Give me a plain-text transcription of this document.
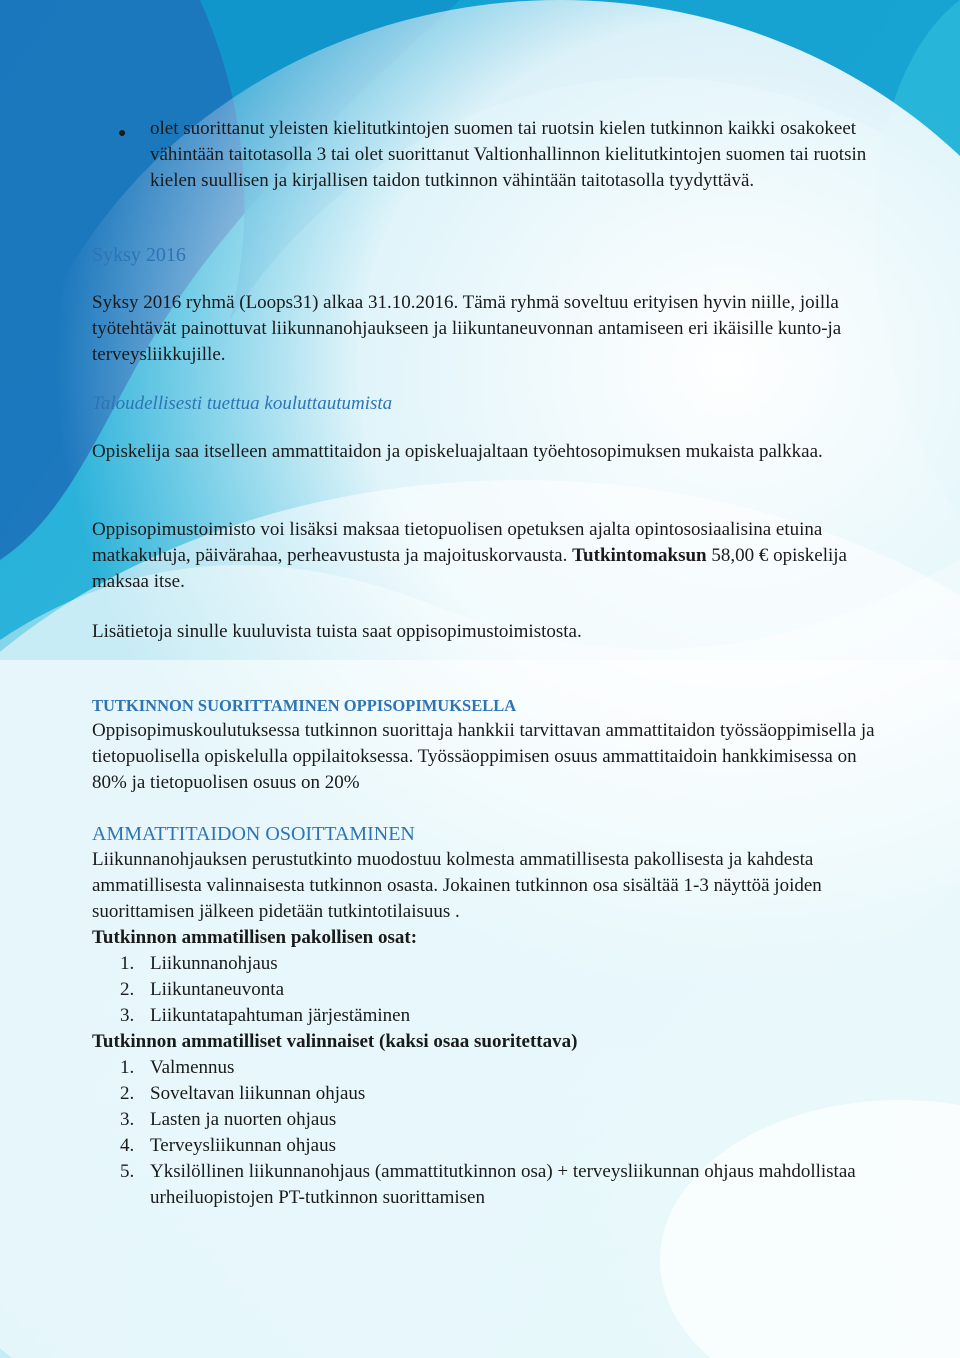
● olet suorittanut yleisten kielitutkintojen suomen tai ruotsin kielen tutkinnon kaikki osakokeet vähintään taitotasolla 3 tai olet suorittanut Valtionhallinnon kielitutkintojen suomen tai ruotsin kielen suullisen ja kirjallisen taidon tutkinnon vähintään taitotasolla tyydyttävä.

Syksy 2016

Syksy 2016 ryhmä (Loops31) alkaa 31.10.2016. Tämä ryhmä soveltuu erityisen hyvin niille, joilla työtehtävät painottuvat liikunnanohjaukseen ja liikuntaneuvonnan antamiseen eri ikäisille kunto-ja terveysliikkujille.

Taloudellisesti tuettua kouluttautumista

Opiskelija saa itselleen ammattitaidon ja opiskeluajaltaan työehtosopimuksen mukaista palkkaa.

Oppisopimustoimisto voi lisäksi maksaa tietopuolisen opetuksen ajalta opintososiaalisina etuina matkakuluja, päivärahaa, perheavustusta ja majoituskorvausta. Tutkintomaksun 58,00 € opiskelija maksaa itse.

Lisätietoja sinulle kuuluvista tuista saat oppisopimustoimistosta.

TUTKINNON SUORITTAMINEN OPPISOPIMUKSELLA

Oppisopimuskoulutuksessa tutkinnon suorittaja hankkii tarvittavan ammattitaidon työssäoppimisella ja tietopuolisella opiskelulla oppilaitoksessa. Työssäoppimisen osuus ammattitaidoin hankkimisessa on 80% ja tietopuolisen osuus on 20%

AMMATTITAIDON OSOITTAMINEN

Liikunnanohjauksen perustutkinto muodostuu kolmesta ammatillisesta pakollisesta ja kahdesta ammatillisesta valinnaisesta tutkinnon osasta. Jokainen tutkinnon osa sisältää 1-3 näyttöä joiden suorittamisen jälkeen pidetään tutkintotilaisuus .

Tutkinnon ammatillisen pakollisen osat:

1. Liikunnanohjaus
2. Liikuntaneuvonta
3. Liikuntatapahtuman järjestäminen

Tutkinnon ammatilliset valinnaiset (kaksi osaa suoritettava)

1. Valmennus
2. Soveltavan liikunnan ohjaus
3. Lasten ja nuorten ohjaus
4. Terveysliikunnan ohjaus
5. Yksilöllinen liikunnanohjaus (ammattitutkinnon osa) + terveysliikunnan ohjaus mahdollistaa urheiluopistojen PT-tutkinnon suorittamisen
